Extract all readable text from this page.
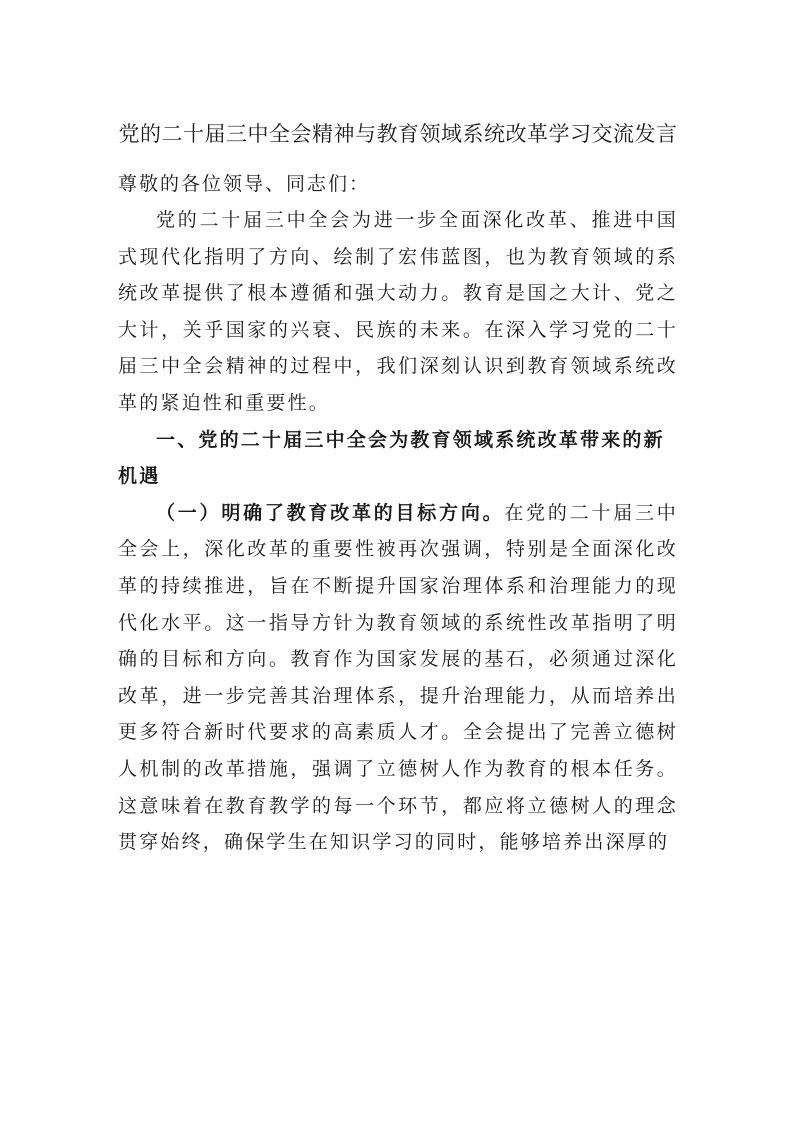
党的二十届三中全会精神与教育领域系统改革学习交流发言

尊敬的各位领导、同志们：

党的二十届三中全会为进一步全面深化改革、推进中国式现代化指明了方向、绘制了宏伟蓝图，也为教育领域的系统改革提供了根本遵循和强大动力。教育是国之大计、党之大计，关乎国家的兴衰、民族的未来。在深入学习党的二十届三中全会精神的过程中，我们深刻认识到教育领域系统改革的紧迫性和重要性。

一、党的二十届三中全会为教育领域系统改革带来的新机遇

（一）明确了教育改革的目标方向。在党的二十届三中全会上，深化改革的重要性被再次强调，特别是全面深化改革的持续推进，旨在不断提升国家治理体系和治理能力的现代化水平。这一指导方针为教育领域的系统性改革指明了明确的目标和方向。教育作为国家发展的基石，必须通过深化改革，进一步完善其治理体系，提升治理能力，从而培养出更多符合新时代要求的高素质人才。全会提出了完善立德树人机制的改革措施，强调了立德树人作为教育的根本任务。这意味着在教育教学的每一个环节，都应将立德树人的理念贯穿始终，确保学生在知识学习的同时，能够培养出深厚的
